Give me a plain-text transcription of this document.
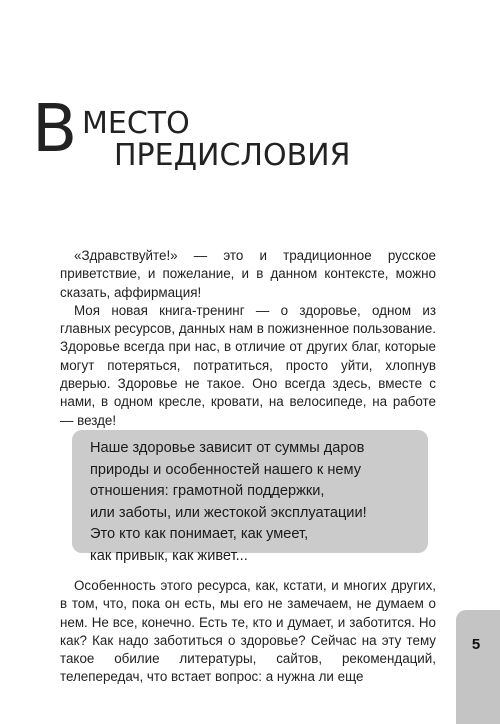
В МЕСТО
ПРЕДИСЛОВИЯ

«Здравствуйте!» — это и традиционное русское приветствие, и пожелание, и в данном контексте, можно сказать, аффирмация!

Моя новая книга-тренинг — о здоровье, одном из главных ресурсов, данных нам в пожизненное пользование. Здоровье всегда при нас, в отличие от других благ, которые могут потеряться, потратиться, просто уйти, хлопнув дверью. Здоровье не такое. Оно всегда здесь, вместе с нами, в одном кресле, кровати, на велосипеде, на работе — везде!

Наше здоровье зависит от суммы даров
природы и особенностей нашего к нему
отношения: грамотной поддержки,
или заботы, или жестокой эксплуатации!
Это кто как понимает, как умеет,
как привык, как живет...

Особенность этого ресурса, как, кстати, и многих других, в том, что, пока он есть, мы его не замечаем, не думаем о нем. Не все, конечно. Есть те, кто и думает, и заботится. Но как? Как надо заботиться о здоровье? Сейчас на эту тему такое обилие литературы, сайтов, рекомендаций, телепередач, что встает вопрос: а нужна ли еще

5
